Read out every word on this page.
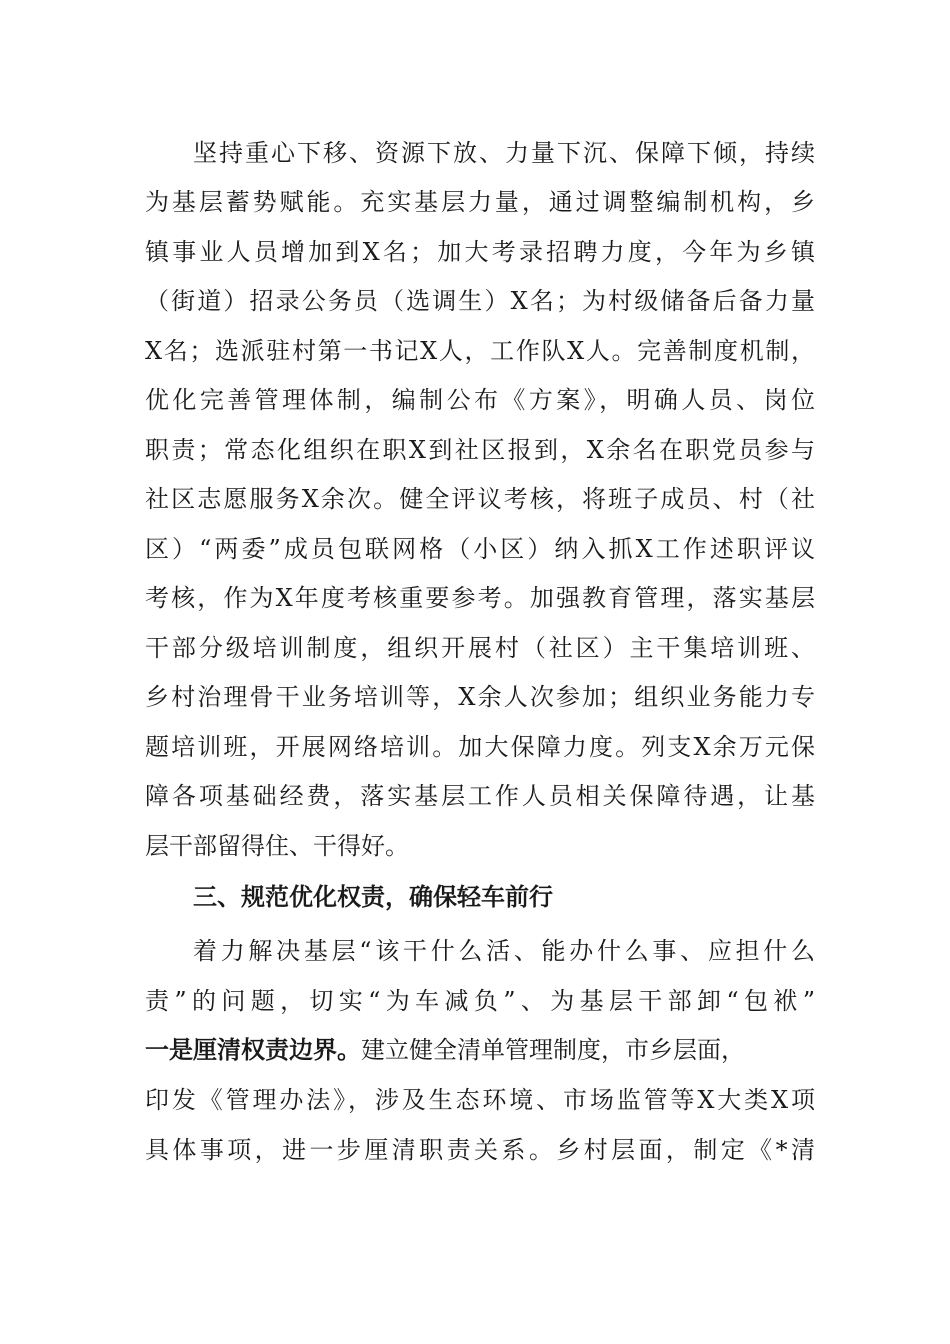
坚持重心下移、资源下放、力量下沉、保障下倾，持续
为基层蓄势赋能。充实基层力量，通过调整编制机构，乡
镇事业人员增加到X名；加大考录招聘力度，今年为乡镇
（街道）招录公务员（选调生）X名；为村级储备后备力量
X名；选派驻村第一书记X人，工作队X人。完善制度机制，
优化完善管理体制，编制公布《方案》，明确人员、岗位
职责；常态化组织在职X到社区报到，X余名在职党员参与
社区志愿服务X余次。健全评议考核，将班子成员、村（社
区）“两委”成员包联网格（小区）纳入抓X工作述职评议
考核，作为X年度考核重要参考。加强教育管理，落实基层
干部分级培训制度，组织开展村（社区）主干集培训班、
乡村治理骨干业务培训等，X余人次参加；组织业务能力专
题培训班，开展网络培训。加大保障力度。列支X余万元保
障各项基础经费，落实基层工作人员相关保障待遇，让基
层干部留得住、干得好。
三、规范优化权责，确保轻车前行
着力解决基层“该干什么活、能办什么事、应担什么
责”的问题，切实“为车减负”、为基层干部卸“包袱”
一是厘清权责边界。建立健全清单管理制度，市乡层面，
印发《管理办法》，涉及生态环境、市场监管等X大类X项
具体事项，进一步厘清职责关系。乡村层面，制定《*清
